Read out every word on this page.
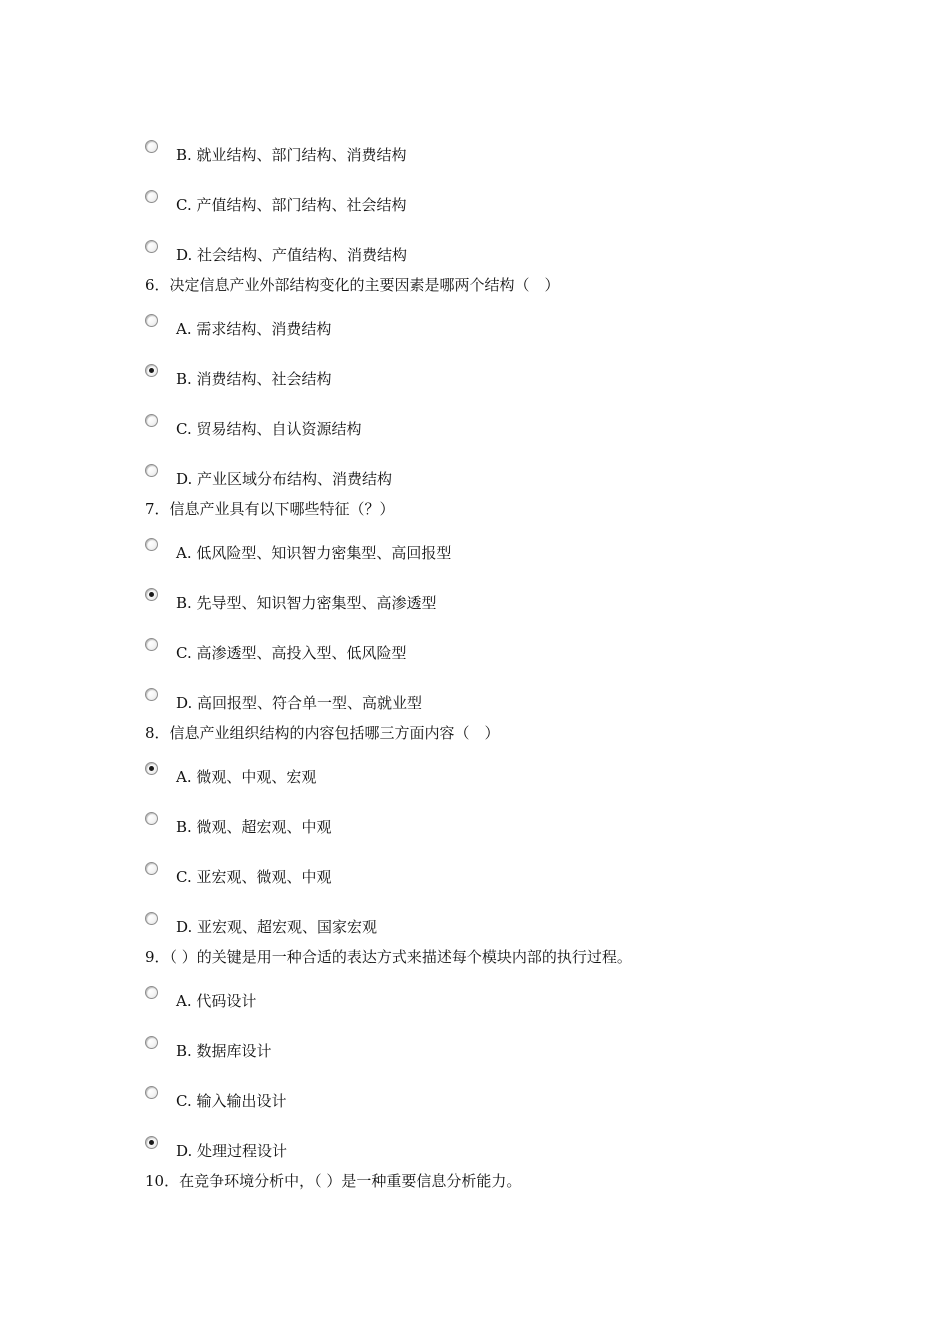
B. 就业结构、部门结构、消费结构
C. 产值结构、部门结构、社会结构
D. 社会结构、产值结构、消费结构
6．决定信息产业外部结构变化的主要因素是哪两个结构（　）
A. 需求结构、消费结构
B. 消费结构、社会结构
C. 贸易结构、自认资源结构
D. 产业区域分布结构、消费结构
7．信息产业具有以下哪些特征（？）
A. 低风险型、知识智力密集型、高回报型
B. 先导型、知识智力密集型、高渗透型
C. 高渗透型、高投入型、低风险型
D. 高回报型、符合单一型、高就业型
8．信息产业组织结构的内容包括哪三方面内容（　）
A. 微观、中观、宏观
B. 微观、超宏观、中观
C. 亚宏观、微观、中观
D. 亚宏观、超宏观、国家宏观
9．（ ）的关键是用一种合适的表达方式来描述每个模块内部的执行过程。
A. 代码设计
B. 数据库设计
C. 输入输出设计
D. 处理过程设计
10．在竞争环境分析中，（ ）是一种重要信息分析能力。
